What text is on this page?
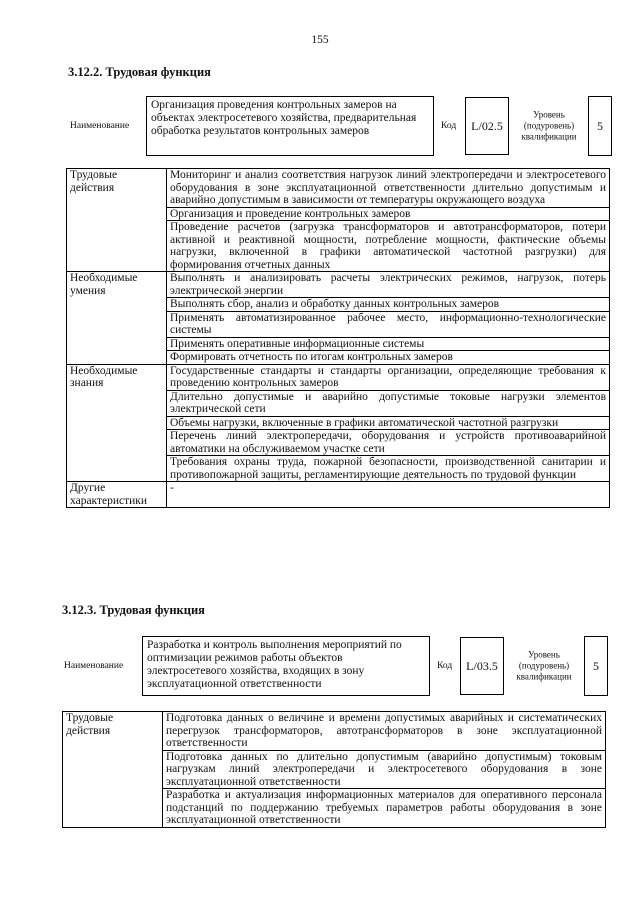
155
3.12.2. Трудовая функция
Наименование
Организация проведения контрольных замеров на объектах электросетевого хозяйства, предварительная обработка результатов контрольных замеров	Код	L/02.5
Уровень (подуровень) квалификации
5
Трудовые действия	Мониторинг и анализ соответствия нагрузок линий электропередачи и электросетевого оборудования в зоне эксплуатационной ответственности длительно допустимым и аварийно допустимым в зависимости от температуры окружающего воздуха
	Организация и проведение контрольных замеров
	Проведение расчетов (загрузка трансформаторов и автотрансформаторов, потери активной и реактивной мощности, потребление мощности, фактические объемы нагрузки, включенной в графики автоматической частотной разгрузки) для формирования отчетных данных
Необходимые умения	Выполнять и анализировать расчеты электрических режимов, нагрузок, потерь электрической энергии
	Выполнять сбор, анализ и обработку данных контрольных замеров
	Применять автоматизированное рабочее место, информационно-технологические системы
	Применять оперативные информационные системы
	Формировать отчетность по итогам контрольных замеров
Необходимые знания	Государственные стандарты и стандарты организации, определяющие требования к проведению контрольных замеров
	Длительно допустимые и аварийно допустимые токовые нагрузки элементов электрической сети
	Объемы нагрузки, включенные в графики автоматической частотной разгрузки
	Перечень линий электропередачи, оборудования и устройств противоаварийной автоматики на обслуживаемом участке сети
	Требования охраны труда, пожарной безопасности, производственной санитарии и противопожарной защиты, регламентирующие деятельность по трудовой функции
Другие характеристики	-
3.12.3. Трудовая функция
Наименование
Разработка и контроль выполнения мероприятий по оптимизации режимов работы объектов электросетевого хозяйства, входящих в зону эксплуатационной ответственности
Код	L/03.5
Уровень (подуровень) квалификации
5
Трудовые действия	Подготовка данных о величине и времени допустимых аварийных и систематических перегрузок трансформаторов, автотрансформаторов в зоне эксплуатационной ответственности
Подготовка данных по длительно допустимым (аварийно допустимым) токовым нагрузкам линий электропередачи и электросетевого оборудования в зоне эксплуатационной ответственности
Разработка и актуализация информационных материалов для оперативного персонала подстанций по поддержанию требуемых параметров работы оборудования в зоне эксплуатационной ответственности
